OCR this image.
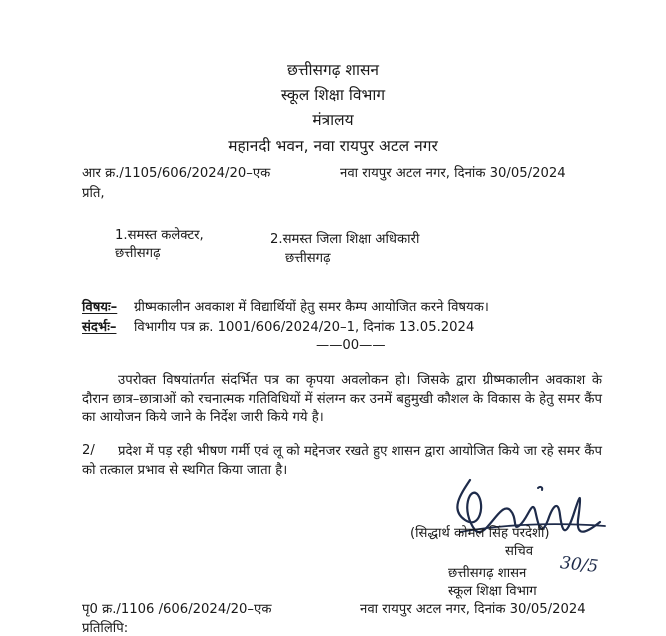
छत्तीसगढ़ शासन
स्कूल शिक्षा विभाग
मंत्रालय
महानदी भवन, नवा रायपुर अटल नगर
आर क्र./1105/606/2024/20–एक	नवा रायपुर अटल नगर, दिनांक 30/05/2024
प्रति,
1.समस्त कलेक्टर,
छत्तीसगढ़
2.समस्त जिला शिक्षा अधिकारी
छत्तीसगढ़
विषयः– ग्रीष्मकालीन अवकाश में विद्यार्थियों हेतु समर कैम्प आयोजित करने विषयक।
संदर्भः– विभागीय पत्र क्र. 1001/606/2024/20–1, दिनांक 13.05.2024
——00——
उपरोक्त विषयांतर्गत संदर्भित पत्र का कृपया अवलोकन हो। जिसके द्वारा ग्रीष्मकालीन अवकाश के दौरान छात्र–छात्राओं को रचनात्मक गतिविधियों में संलग्न कर उनमें बहुमुखी कौशल के विकास के हेतु समर कैंप का आयोजन किये जाने के निर्देश जारी किये गये है।
2/	प्रदेश में पड़ रही भीषण गर्मी एवं लू को मद्देनजर रखते हुए शासन द्वारा आयोजित किये जा रहे समर कैंप को तत्काल प्रभाव से स्थगित किया जाता है।
30/5
(सिद्धार्थ कोमल सिंह परदेशी)
सचिव
छत्तीसगढ़ शासन
स्कूल शिक्षा विभाग
पृ0 क्र./1106 /606/2024/20–एक	नवा रायपुर अटल नगर, दिनांक 30/05/2024
प्रतिलिपि:
